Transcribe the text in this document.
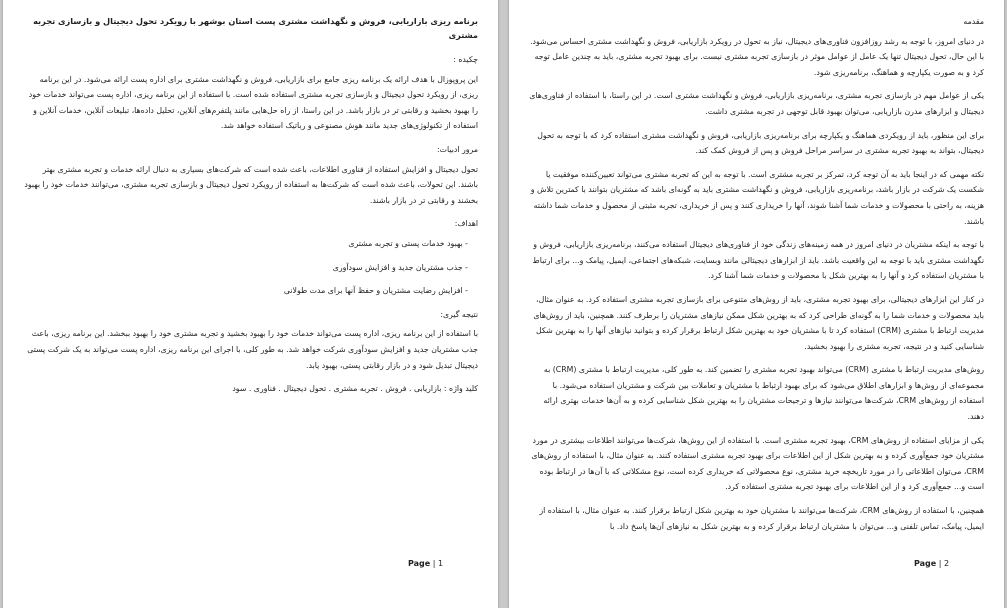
برنامه ریزی بازاریابی، فروش و نگهداشت مشتری پست استان بوشهر با رویکرد تحول دیجیتال و بازسازی تجربه مشتری

چکیده :

این پروپوزال با هدف ارائه یک برنامه ریزی جامع برای بازاریابی، فروش و نگهداشت مشتری برای اداره پست ارائه می‌شود. در این برنامه ریزی، از رویکرد تحول دیجیتال و بازسازی تجربه مشتری استفاده شده است. با استفاده از این برنامه ریزی، اداره پست می‌تواند خدمات خود را بهبود بخشید و رقابتی تر در بازار باشد. در این راستا، از راه حل‌هایی مانند پلتفرم‌های آنلاین، تحلیل داده‌ها، تبلیغات آنلاین، خدمات آنلاین و استفاده از تکنولوژی‌های جدید مانند هوش مصنوعی و رباتیک استفاده خواهد شد.

مرور ادبیات:

تحول دیجیتال و افزایش استفاده از فناوری اطلاعات، باعث شده است که شرکت‌های بسیاری به دنبال ارائه خدمات و تجربه مشتری بهتر باشند. این تحولات، باعث شده است که شرکت‌ها به استفاده از رویکرد تحول دیجیتال و بازسازی تجربه مشتری، می‌توانند خدمات خود را بهبود بخشند و رقابتی تر در بازار باشند.

اهداف:

- بهبود خدمات پستی و تجربه مشتری
- جذب مشتریان جدید و افزایش سودآوری
- افزایش رضایت مشتریان و حفظ آنها برای مدت طولانی

نتیجه گیری:

با استفاده از این برنامه ریزی، اداره پست می‌تواند خدمات خود را بهبود بخشید و تجربه مشتری خود را بهبود ببخشد. این برنامه ریزی، باعث جذب مشتریان جدید و افزایش سودآوری شرکت خواهد شد. به طور کلی، با اجرای این برنامه ریزی، اداره پست می‌تواند به یک شرکت پستی دیجیتال تبدیل شود و در بازار رقابتی پستی، بهبود یابد.

کلید واژه : بازاریابی . فروش . تجربه مشتری . تحول دیجیتال . فناوری . سود

Page | 1

مقدمه

در دنیای امروز، با توجه به رشد روزافزون فناوری‌های دیجیتال، نیاز به تحول در رویکرد بازاریابی، فروش و نگهداشت مشتری احساس می‌شود. با این حال، تحول دیجیتال تنها یک عامل از عوامل موثر در بازسازی تجربه مشتری نیست. برای بهبود تجربه مشتری، باید به چندین عامل توجه کرد و به صورت یکپارچه و هماهنگ، برنامه‌ریزی شود.

یکی از عوامل مهم در بازسازی تجربه مشتری، برنامه‌ریزی بازاریابی، فروش و نگهداشت مشتری است. در این راستا، با استفاده از فناوری‌های دیجیتال و ابزارهای مدرن بازاریابی، می‌توان بهبود قابل توجهی در تجربه مشتری داشت.

برای این منظور، باید از رویکردی هماهنگ و یکپارچه برای برنامه‌ریزی بازاریابی، فروش و نگهداشت مشتری استفاده کرد که با توجه به تحول دیجیتال، بتواند به بهبود تجربه مشتری در سراسر مراحل فروش و پس از فروش کمک کند.

نکته مهمی که در اینجا باید به آن توجه کرد، تمرکز بر تجربه مشتری است. با توجه به این که تجربه مشتری می‌تواند تعیین‌کننده موفقیت یا شکست یک شرکت در بازار باشد، برنامه‌ریزی بازاریابی، فروش و نگهداشت مشتری باید به گونه‌ای باشد که مشتریان بتوانند با کمترین تلاش و هزینه، به راحتی با محصولات و خدمات شما آشنا شوند، آنها را خریداری کنند و پس از خریداری، تجربه مثبتی از محصول و خدمات شما داشته باشند.

با توجه به اینکه مشتریان در دنیای امروز در همه زمینه‌های زندگی خود از فناوری‌های دیجیتال استفاده می‌کنند، برنامه‌ریزی بازاریابی، فروش و نگهداشت مشتری باید با توجه به این واقعیت باشد. باید از ابزارهای دیجیتالی مانند وبسایت، شبکه‌های اجتماعی، ایمیل، پیامک و... برای ارتباط با مشتریان استفاده کرد و آنها را به بهترین شکل با محصولات و خدمات شما آشنا کرد.

در کنار این ابزارهای دیجیتالی، برای بهبود تجربه مشتری، باید از روش‌های متنوعی برای بازسازی تجربه مشتری استفاده کرد. به عنوان مثال، باید محصولات و خدمات شما را به گونه‌ای طراحی کرد که به بهترین شکل ممکن نیازهای مشتریان را برطرف کنند. همچنین، باید از روش‌های مدیریت ارتباط با مشتری (CRM) استفاده کرد تا با مشتریان خود به بهترین شکل ارتباط برقرار کرده و بتوانید نیازهای آنها را به بهترین شکل شناسایی کنید و در نتیجه، تجربه مشتری را بهبود بخشید.

روش‌های مدیریت ارتباط با مشتری (CRM) می‌تواند بهبود تجربه مشتری را تضمین کند. به طور کلی، مدیریت ارتباط با مشتری (CRM) به مجموعه‌ای از روش‌ها و ابزارهای اطلاق می‌شود که برای بهبود ارتباط با مشتریان و تعاملات بین شرکت و مشتریان استفاده می‌شود. با استفاده از روش‌های CRM، شرکت‌ها می‌توانند نیازها و ترجیحات مشتریان را به بهترین شکل شناسایی کرده و به آن‌ها خدمات بهتری ارائه دهند.

یکی از مزایای استفاده از روش‌های CRM، بهبود تجربه مشتری است. با استفاده از این روش‌ها، شرکت‌ها می‌توانند اطلاعات بیشتری در مورد مشتریان خود جمع‌آوری کرده و به بهترین شکل از این اطلاعات برای بهبود تجربه مشتری استفاده کنند. به عنوان مثال، با استفاده از روش‌های CRM، می‌توان اطلاعاتی را در مورد تاریخچه خرید مشتری، نوع محصولاتی که خریداری کرده است، نوع مشکلاتی که با آن‌ها در ارتباط بوده است و... جمع‌آوری کرد و از این اطلاعات برای بهبود تجربه مشتری استفاده کرد.

همچنین، با استفاده از روش‌های CRM، شرکت‌ها می‌توانند با مشتریان خود به بهترین شکل ارتباط برقرار کنند. به عنوان مثال، با استفاده از ایمیل، پیامک، تماس تلفنی و... می‌توان با مشتریان ارتباط برقرار کرده و به بهترین شکل به نیازهای آن‌ها پاسخ داد. با

Page | 2
